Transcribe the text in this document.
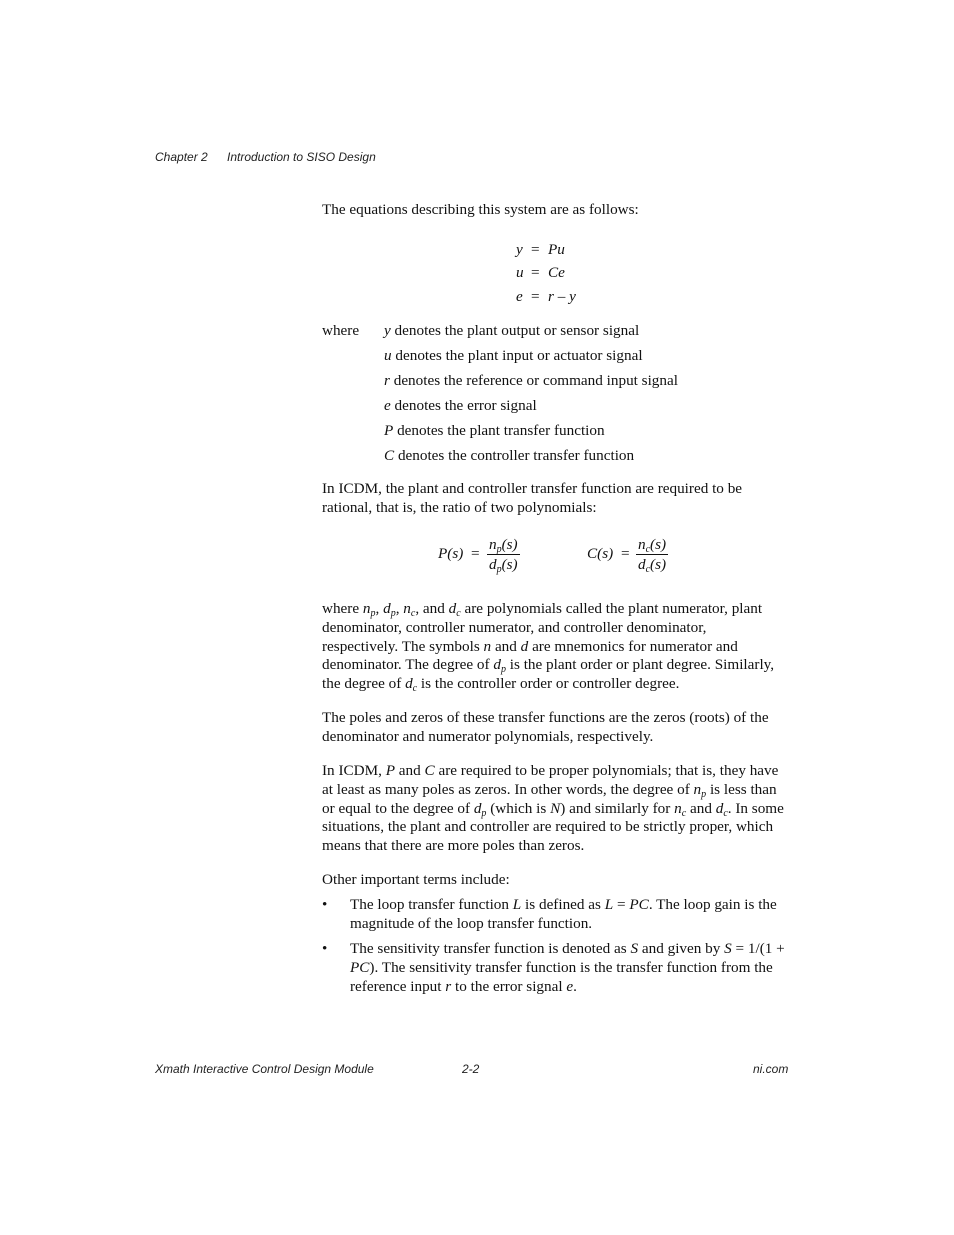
Chapter 2 Introduction to SISO Design
The equations describing this system are as follows:
y = Pu
u = Ce
e = r – y
where y denotes the plant output or sensor signal
u denotes the plant input or actuator signal
r denotes the reference or command input signal
e denotes the error signal
P denotes the plant transfer function
C denotes the controller transfer function
In ICDM, the plant and controller transfer function are required to be rational, that is, the ratio of two polynomials:
$P(s) = \frac{n_p(s)}{d_p(s)}$	$C(s) = \frac{n_c(s)}{d_c(s)}$
where $n_p$, $d_p$, $n_c$, and $d_c$ are polynomials called the plant numerator, plant denominator, controller numerator, and controller denominator, respectively. The symbols n and d are mnemonics for numerator and denominator. The degree of $d_p$ is the plant order or plant degree. Similarly, the degree of $d_c$ is the controller order or controller degree.
The poles and zeros of these transfer functions are the zeros (roots) of the denominator and numerator polynomials, respectively.
In ICDM, P and C are required to be proper polynomials; that is, they have at least as many poles as zeros. In other words, the degree of $n_p$ is less than or equal to the degree of $d_p$ (which is N) and similarly for $n_c$ and $d_c$. In some situations, the plant and controller are required to be strictly proper, which means that there are more poles than zeros.
Other important terms include:
• The loop transfer function L is defined as L = PC. The loop gain is the magnitude of the loop transfer function.
• The sensitivity transfer function is denoted as S and given by S = 1/(1 + PC). The sensitivity transfer function is the transfer function from the reference input r to the error signal e.
Xmath Interactive Control Design Module	2-2	ni.com
